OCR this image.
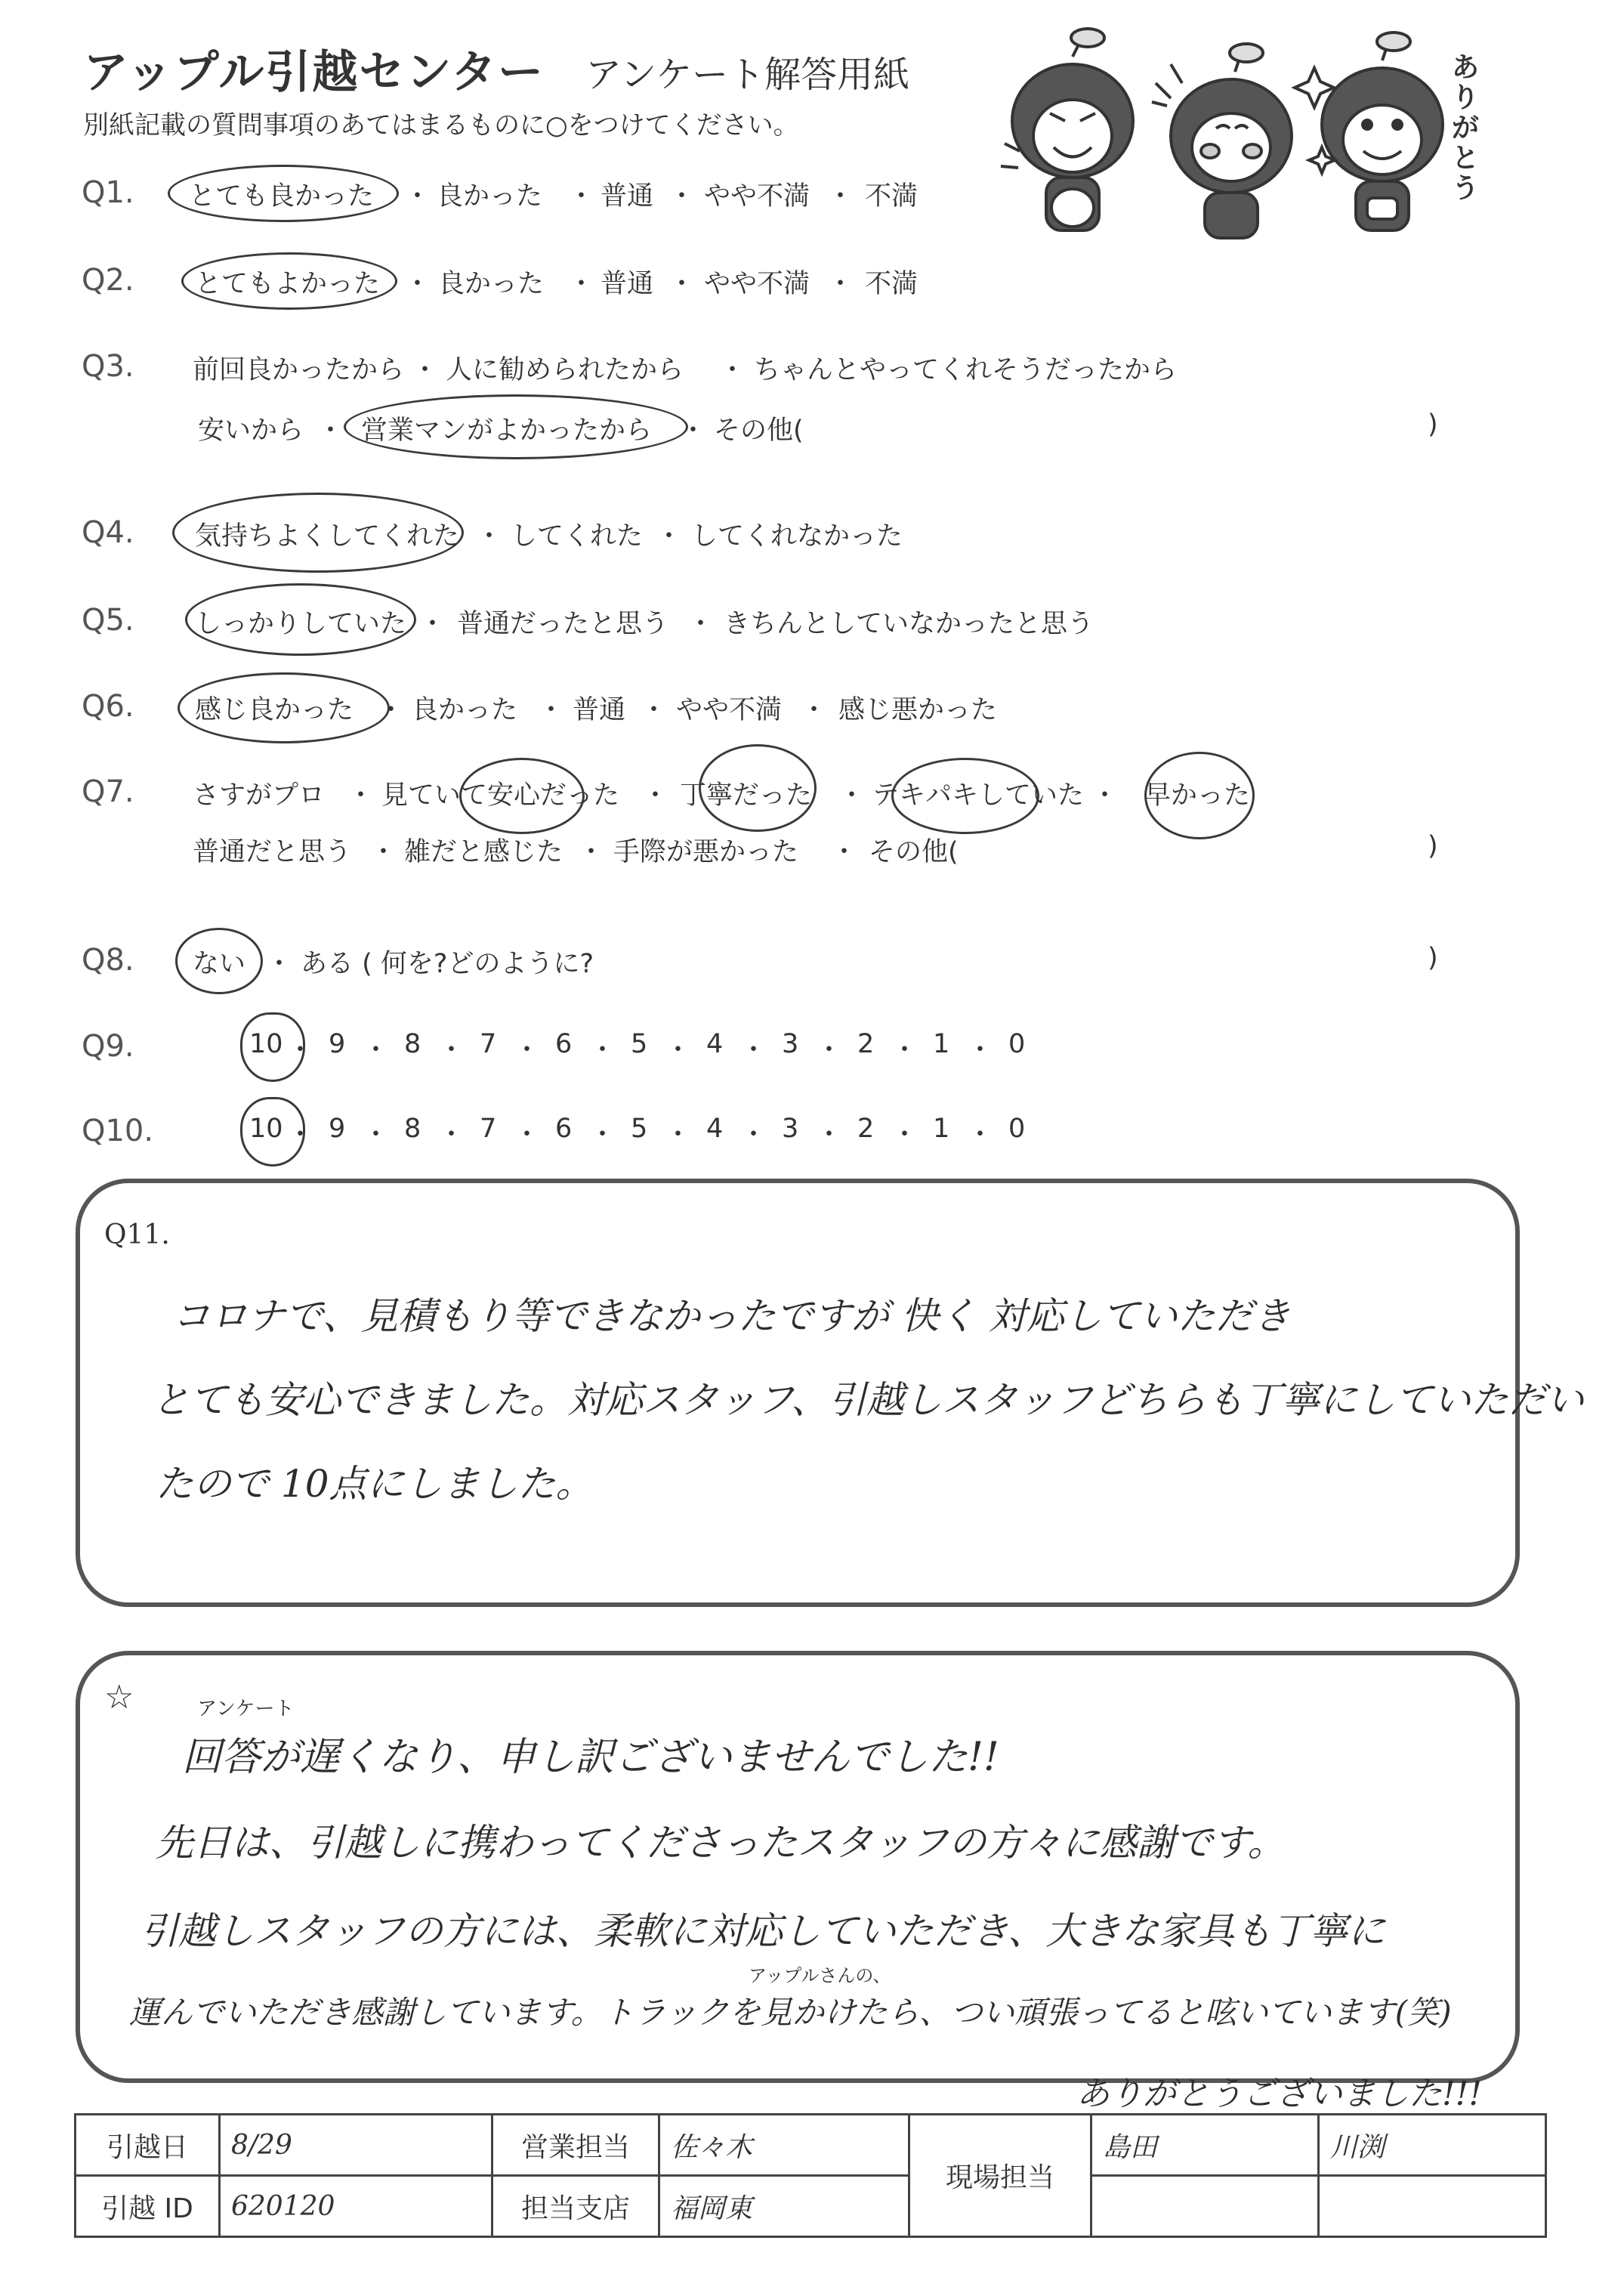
アップル引越センター アンケート解答用紙
別紙記載の質問事項のあてはまるものに○をつけてください。
ありがとう
Q1. とても良かった ・ 良かった ・ 普通 ・ やや不満 ・ 不満
Q2. とてもよかった ・ 良かった ・ 普通 ・ やや不満 ・ 不満
Q3. 前回良かったから ・ 人に勧められたから ・ ちゃんとやってくれそうだったから
安いから ・ 営業マンがよかったから ・ その他(	)
Q4. 気持ちよくしてくれた ・ してくれた ・ してくれなかった
Q5. しっかりしていた ・ 普通だったと思う ・ きちんとしていなかったと思う
Q6. 感じ良かった ・ 良かった ・ 普通 ・ やや不満 ・ 感じ悪かった
Q7. さすがプロ ・ 見ていて安心だった ・ 丁寧だった ・ テキパキしていた ・ 早かった
普通だと思う ・ 雑だと感じた ・ 手際が悪かった ・ その他(	)
Q8. ない ・ ある ( 何を?どのように?	)
Q9.	10 ・ 9 ・ 8 ・ 7 ・ 6 ・ 5 ・ 4 ・ 3 ・ 2 ・ 1 ・ 0
Q10.	10 ・ 9 ・ 8 ・ 7 ・ 6 ・ 5 ・ 4 ・ 3 ・ 2 ・ 1 ・ 0
Q11.
コロナで、見積もり等できなかったですが 快く 対応していただき
とても安心できました。対応スタッフ、引越しスタッフどちらも丁寧にしていただい
たので 10点にしました。
☆	アンケート
回答が遅くなり、申し訳ございませんでした!!
先日は、引越しに携わってくださったスタッフの方々に感謝です。
引越しスタッフの方には、柔軟に対応していただき、大きな家具も丁寧に
アップルさんの、
運んでいただき感謝しています。トラックを見かけたら、つい頑張ってると呟いています(笑)
ありがとうございました!!!
引越日	8/29	営業担当	佐々木	現場担当	島田	川渕
引越 ID	620120	担当支店	福岡東			
